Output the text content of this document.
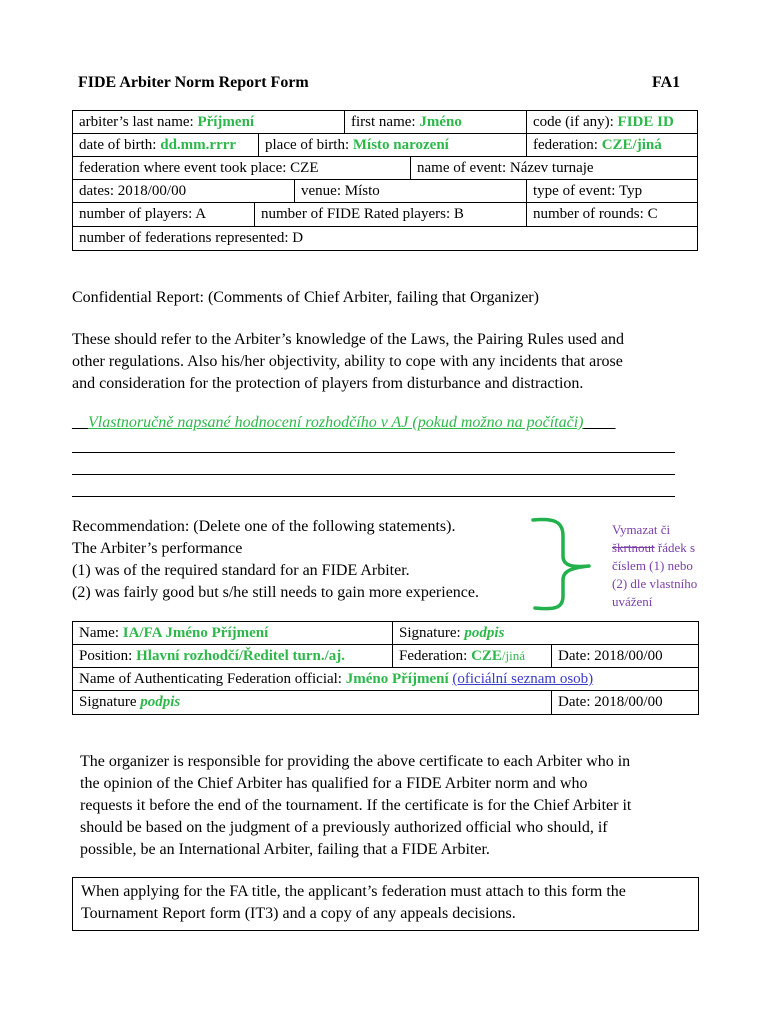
FIDE Arbiter Norm Report Form	FA1
arbiter’s last name: Příjmení	first name: Jméno	code (if any): FIDE ID
date of birth: dd.mm.rrrr	place of birth: Místo narození	federation: CZE/jiná
federation where event took place: CZE	name of event: Název turnaje
dates: 2018/00/00	venue: Místo	type of event: Typ
number of players: A	number of FIDE Rated players: B	number of rounds: C
number of federations represented: D
Confidential Report: (Comments of Chief Arbiter, failing that Organizer)
These should refer to the Arbiter’s knowledge of the Laws, the Pairing Rules used and
other regulations. Also his/her objectivity, ability to cope with any incidents that arose
and consideration for the protection of players from disturbance and distraction.
__Vlastnoručně napsané hodnocení rozhodčího v AJ (pokud možno na počítači)____
Recommendation: (Delete one of the following statements).
The Arbiter’s performance
(1) was of the required standard for an FIDE Arbiter.
(2) was fairly good but s/he still needs to gain more experience.
Vymazat či
škrtnout řádek s
číslem (1) nebo
(2) dle vlastního
uvážení
Name: IA/FA Jméno Příjmení	Signature: podpis
Position: Hlavní rozhodčí/Ředitel turn./aj.	Federation: CZE/jiná	Date: 2018/00/00
Name of Authenticating Federation official: Jméno Příjmení (oficiální seznam osob)
Signature podpis	Date: 2018/00/00
The organizer is responsible for providing the above certificate to each Arbiter who in
the opinion of the Chief Arbiter has qualified for a FIDE Arbiter norm and who
requests it before the end of the tournament. If the certificate is for the Chief Arbiter it
should be based on the judgment of a previously authorized official who should, if
possible, be an International Arbiter, failing that a FIDE Arbiter.
When applying for the FA title, the applicant’s federation must attach to this form the
Tournament Report form (IT3) and a copy of any appeals decisions.
